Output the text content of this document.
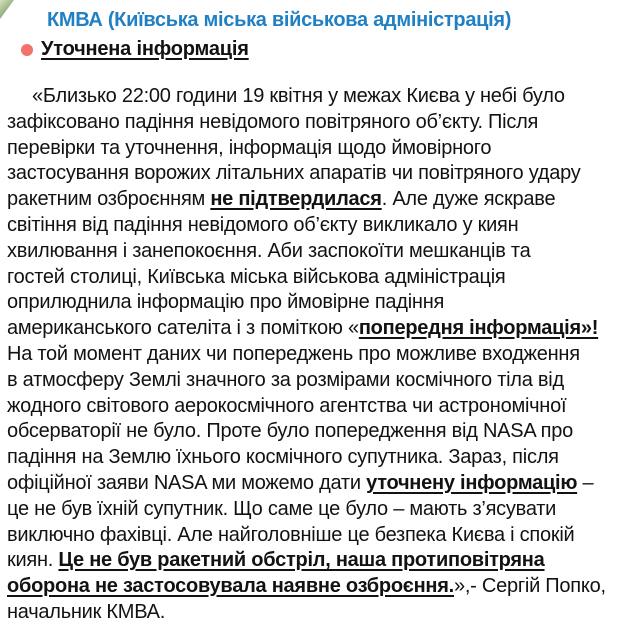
КМВА (Київська міська військова адміністрація)
Уточнена інформація
«Близько 22:00 години 19 квітня у межах Києва у небі було
зафіксовано падіння невідомого повітряного об’єкту. Після
перевірки та уточнення, інформація щодо ймовірного
застосування ворожих літальних апаратів чи повітряного удару
ракетним озброєнням не підтвердилася. Але дуже яскраве
світіння від падіння невідомого об’єкту викликало у киян
хвилювання і занепокоєння. Аби заспокоїти мешканців та
гостей столиці, Київська міська військова адміністрація
оприлюднила інформацію про ймовірне падіння
американського сателіта і з поміткою «попередня інформація»!
На той момент даних чи попереджень про можливе входження
в атмосферу Землі значного за розмірами космічного тіла від
жодного світового аерокосмічного агентства чи астрономічної
обсерваторії не було. Проте було попередження від NASA про
падіння на Землю їхнього космічного супутника. Зараз, після
офіційної заяви NASA ми можемо дати уточнену інформацію –
це не був їхній супутник. Що саме це було – мають з’ясувати
виключно фахівці. Але найголовніше це безпека Києва і спокій
киян. Це не був ракетний обстріл, наша протиповітряна
оборона не застосовувала наявне озброєння.»,- Сергій Попко,
начальник КМВА.
